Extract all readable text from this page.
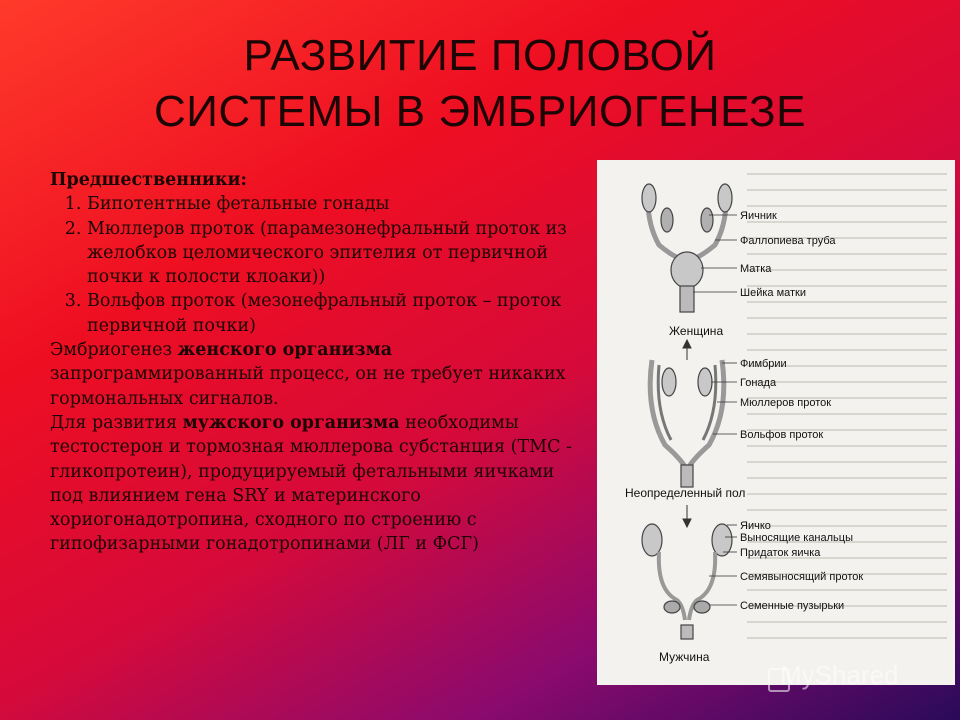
РАЗВИТИЕ ПОЛОВОЙ
СИСТЕМЫ В ЭМБРИОГЕНЕЗЕ

Предшественники:

1. Бипотентные фетальные гонады
2. Мюллеров проток (парамезонефральный проток из желобков целомического эпителия от первичной почки к полости клоаки))
3. Вольфов проток (мезонефральный проток – проток первичной почки)

Эмбриогенез женского организма запрограммированный процесс, он не требует никаких гормональных сигналов.

Для развития мужского организма необходимы тестостерон и тормозная мюллерова субстанция (ТМС - гликопротеин), продуцируемый фетальными яичками под влиянием гена SRY и материнского хориогонадотропина, сходного по строению с гипофизарными гонадотропинами (ЛГ и ФСГ)

Яичник
Фаллопиева труба
Матка
Шейка матки
Женщина
Фимбрии
Гонада
Мюллеров проток
Вольфов проток
Неопределенный пол
Яичко
Выносящие канальцы
Придаток яичка
Семявыносящий проток
Семенные пузырьки
Мужчина
MyShared
